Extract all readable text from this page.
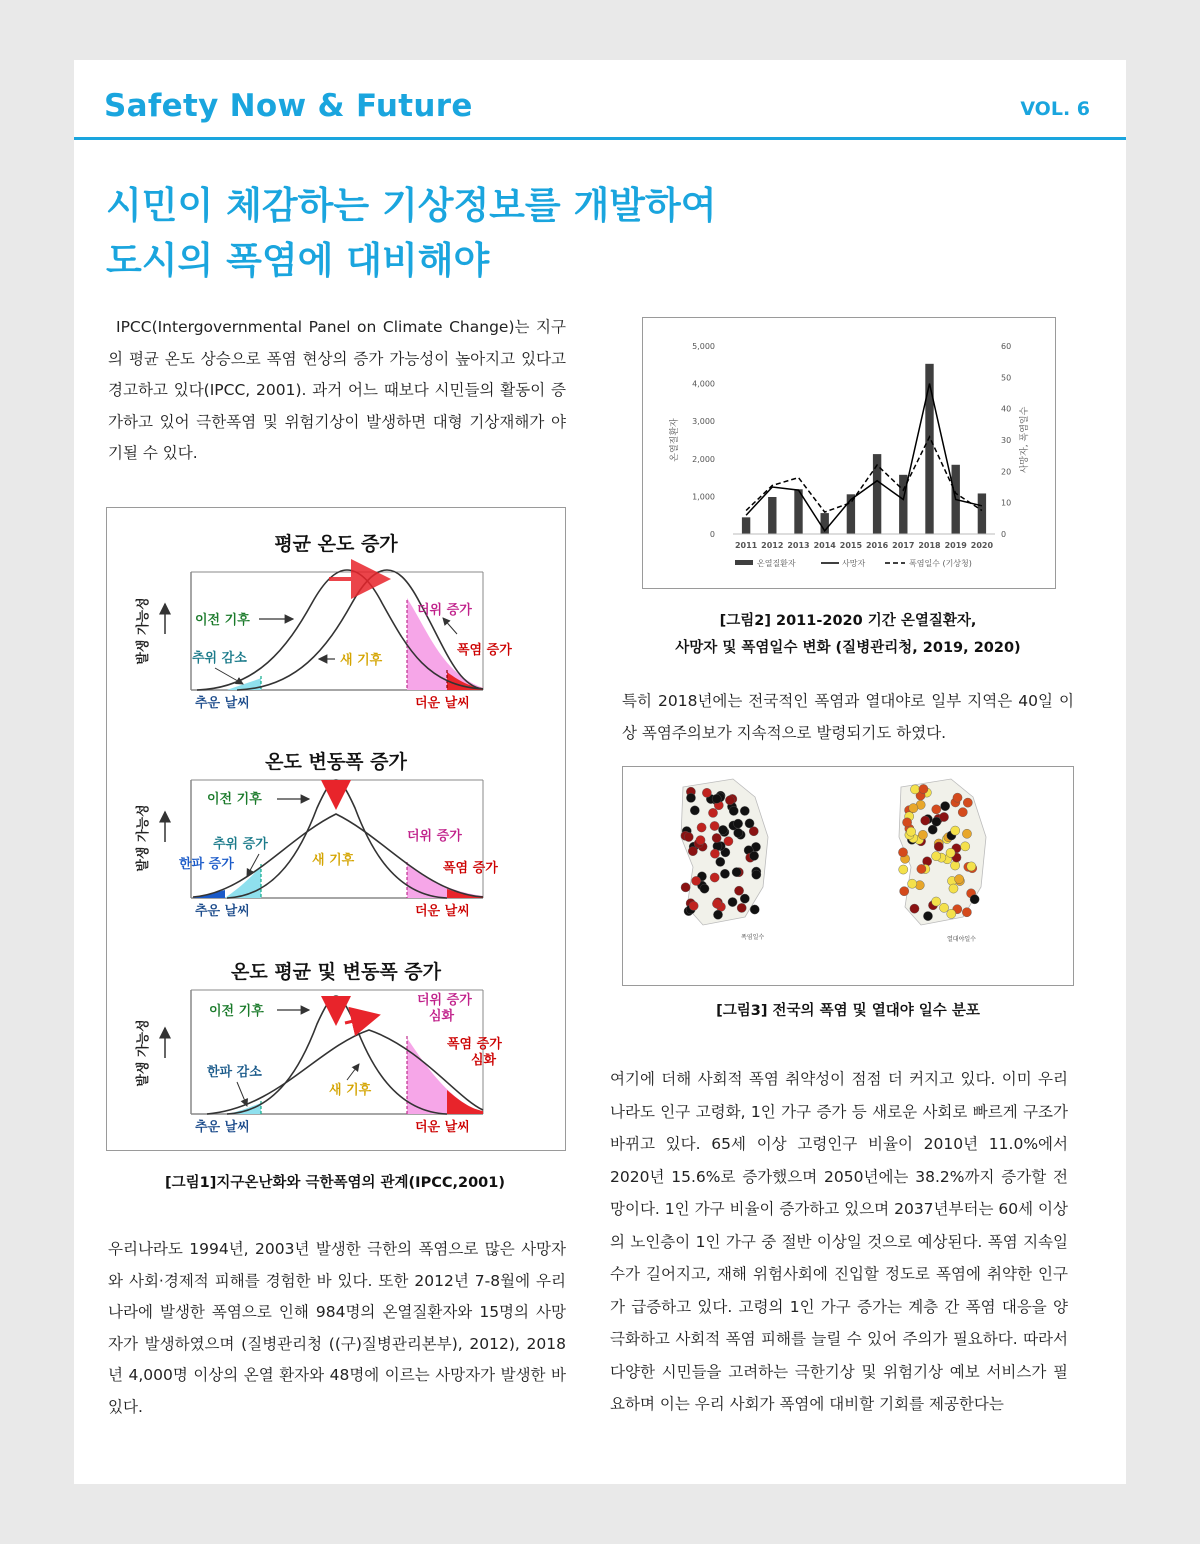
Safety Now & Future	VOL. 6
시민이 체감하는 기상정보를 개발하여
도시의 폭염에 대비해야
IPCC(Intergovernmental Panel on Climate Change)는 지구의 평균 온도 상승으로 폭염 현상의 증가 가능성이 높아지고 있다고 경고하고 있다(IPCC, 2001). 과거 어느 때보다 시민들의 활동이 증가하고 있어 극한폭염 및 위험기상이 발생하면 대형 기상재해가 야기될 수 있다.
평균 온도 증가
발생 가능성	이전 기후
새 기후
추위 감소
더위 증가
폭염 증가
추운 날씨	더운 날씨
온도 변동폭 증가
발생 가능성
이전 기후
새 기후
추위 증가
한파 증가
더위 증가
폭염 증가
추운 날씨	더운 날씨
온도 평균 및 변동폭 증가
발생 가능성
이전 기후
새 기후
한파 감소
더위 증가
심화
폭염 증가
심화
추운 날씨	더운 날씨
[그림1]지구온난화와 극한폭염의 관계(IPCC,2001)
우리나라도 1994년, 2003년 발생한 극한의 폭염으로 많은 사망자와 사회·경제적 피해를 경험한 바 있다. 또한 2012년 7-8월에 우리나라에 발생한 폭염으로 인해 984명의 온열질환자와 15명의 사망자가 발생하였으며 (질병관리청 ((구)질병관리본부), 2012), 2018년 4,000명 이상의 온열 환자와 48명에 이르는 사망자가 발생한 바 있다.
0
1,000
2,000
3,000
4,000
5,000
0
10
20
30
40
50
60
온열질환자	사망자, 폭염일수
2011 2012 2013 2014 2015 2016 2017 2018 2019 2020
온열질환자	사망자	폭염일수 (기상청)
[그림2] 2011-2020 기간 온열질환자,
사망자 및 폭염일수 변화 (질병관리청, 2019, 2020)
특히 2018년에는 전국적인 폭염과 열대야로 일부 지역은 40일 이상 폭염주의보가 지속적으로 발령되기도 하였다.
폭염일수	열대야일수
[그림3] 전국의 폭염 및 열대야 일수 분포
여기에 더해 사회적 폭염 취약성이 점점 더 커지고 있다. 이미 우리나라도 인구 고령화, 1인 가구 증가 등 새로운 사회로 빠르게 구조가 바뀌고 있다. 65세 이상 고령인구 비율이 2010년 11.0%에서 2020년 15.6%로 증가했으며 2050년에는 38.2%까지 증가할 전망이다. 1인 가구 비율이 증가하고 있으며 2037년부터는 60세 이상의 노인층이 1인 가구 중 절반 이상일 것으로 예상된다. 폭염 지속일수가 길어지고, 재해 위험사회에 진입할 정도로 폭염에 취약한 인구가 급증하고 있다. 고령의 1인 가구 증가는 계층 간 폭염 대응을 양극화하고 사회적 폭염 피해를 늘릴 수 있어 주의가 필요하다. 따라서 다양한 시민들을 고려하는 극한기상 및 위험기상 예보 서비스가 필요하며 이는 우리 사회가 폭염에 대비할 기회를 제공한다는
